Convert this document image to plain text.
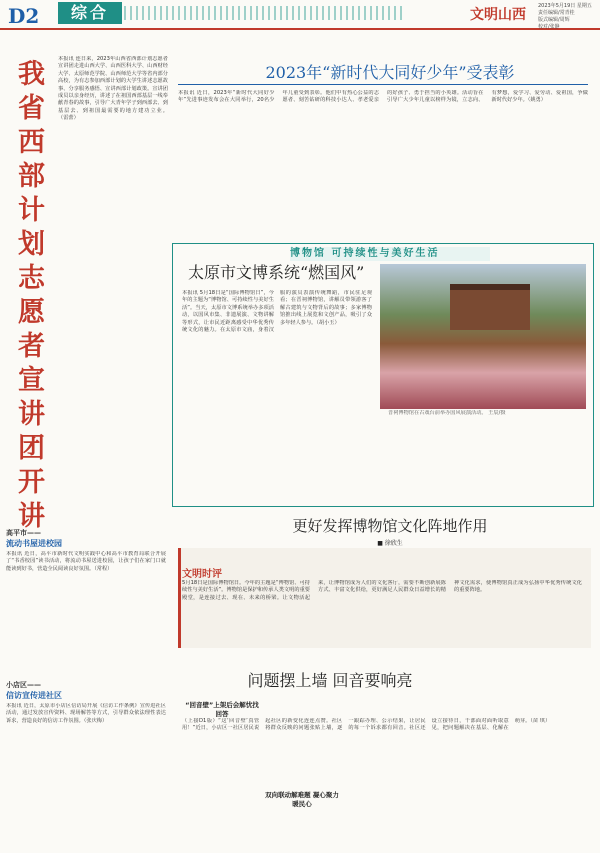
D2	综合	文明山西
2023年5月19日 星期五
责任编辑/常青桂
版式编辑/周辉
校对/张静
我省西部计划志愿者宣讲团开讲
本报讯 连日来，2023年山西省西部计划志愿者宣讲团走进山西大学、山西医科大学、山西财经大学、太原师范学院、山西师范大学等省内部分高校，为有志参加西部计划的大学生讲述志愿故事、分享服务感悟、宣讲西部计划政策。宣讲团成员以亲身经历，讲述了在祖国西部基层一线奉献青春的故事，引导广大青年学子到西部去、到基层去、到祖国最需要的地方建功立业。（雷蕾）
高平市——
流动书屋进校园
本报讯 近日，高平市新时代文明实践中心和高平市教育局联合开展了“书香校园”读书活动，将流动书屋送进校园，让孩子们在家门口就能读到好书，营造全民阅读良好氛围。（常程）
小店区——
信访宣传进社区
本报讯 近日，太原市小店区信访局开展《信访工作条例》宣传进社区活动，通过发放宣传资料、现场解答等方式，引导群众依法理性表达诉求，营造良好的信访工作氛围。（张庆梅）
2023年“新时代大同好少年”受表彰
本报讯 近日，2023年“新时代大同好少年”先进事迹发布会在大同举行，20名少年儿童受到表彰。他们中有热心公益的志愿者、刻苦钻研的科技小达人、孝老爱亲的好孩子、勇于担当的小英雄。活动旨在引导广大少年儿童以榜样为镜，立志向、有梦想，爱学习、爱劳动、爱祖国，争做新时代好少年。（姚勇）
博物馆 可持续性与美好生活
太原市文博系统“燃国风”
本报讯 5月18日是“国际博物馆日”，今年的主题为“博物馆、可持续性与美好生活”。当天，太原市文博系统举办多项活动，以国风市集、非遗展演、文物讲解等形式，让市民近距离感受中华优秀传统文化的魅力。在太原市文庙，身着汉服的演员表演传统舞蹈，市民驻足观看；在晋祠博物馆，讲解员带领游客了解古建筑与文物背后的故事；多家博物馆推出线上展览和文创产品，吸引了众多年轻人参与。（胡小玉）
晋祠博物馆在古戏台前举办国风展演活动。 王辰/摄
更好发挥博物馆文化阵地作用
■ 徐欣生
文明时评
5月18日是国际博物馆日。今年的主题是“博物馆、可持续性与美好生活”。博物馆是保护和传承人类文明的重要殿堂，是连接过去、现在、未来的桥梁。让文物活起来，让博物馆成为人们的文化客厅，需要不断创新展陈方式、丰富文化供给，更好满足人民群众日益增长的精神文化需求，使博物馆真正成为弘扬中华优秀传统文化的重要阵地。
问题摆上墙 回音要响亮
“回音壁”上架后会解忧找回答
双向联动解难题 凝心聚力暖民心
（上接D1版）“这‘回音壁’真管用！”近日，小店区一社区居民说起社区的新变化连连点赞。社区将群众反映的问题张贴上墙，逐一跟踪办理、公示结果，让居民的每一个诉求都有回音。社区还设立接待日，干部面对面听取意见，把问题解决在基层、化解在萌芽。（苗 琪）
